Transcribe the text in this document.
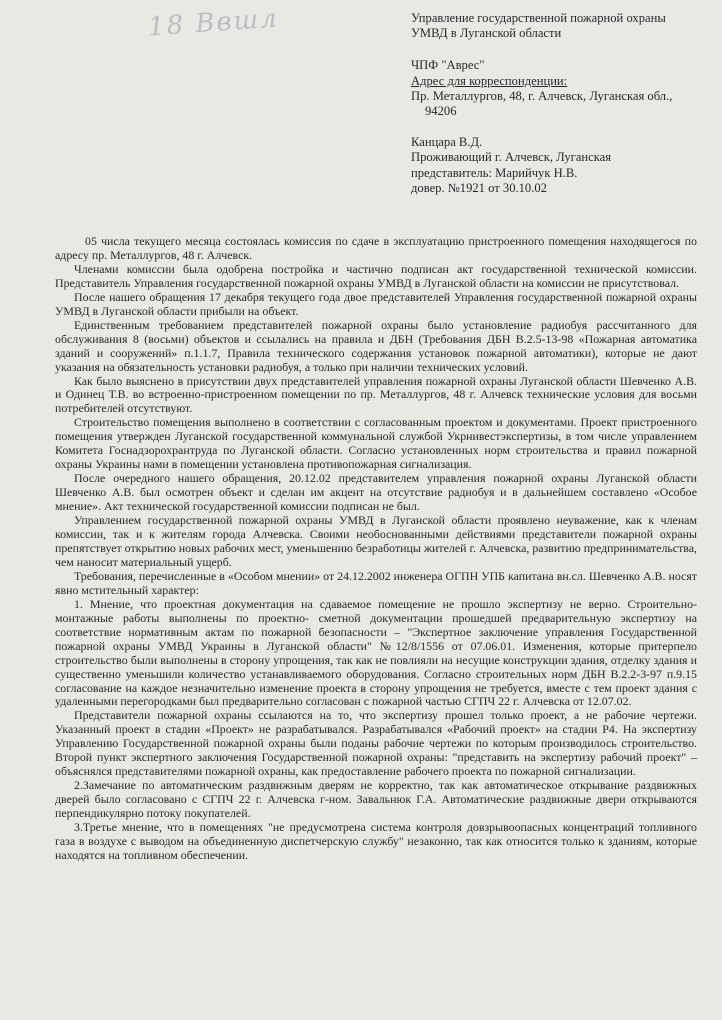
18 Ввшл	Управление государственной пожарной охраны
УМВД в Луганской области
ЧПФ "Аврес"
Адрес для корреспонденции:
Пр. Металлургов, 48, г. Алчевск, Луганская обл.,
94206
Канцара В.Д.
Проживающий г. Алчевск, Луганская
представитель: Марийчук Н.В.
довер. №1921 от 30.10.02

05 числа текущего месяца состоялась комиссия по сдаче в эксплуатацию пристроенного помещения находящегося по адресу пр. Металлургов, 48 г. Алчевск.

Членами комиссии была одобрена постройка и частично подписан акт государственной технической комиссии. Представитель Управления государственной пожарной охраны УМВД в Луганской области на комиссии не присутствовал.

После нашего обращения 17 декабря текущего года двое представителей Управления государственной пожарной охраны УМВД в Луганской области прибыли на объект.

Единственным требованием представителей пожарной охраны было установление радиобуя рассчитанного для обслуживания 8 (восьми) объектов и ссылались на правила и ДБН (Требования ДБН В.2.5-13-98 «Пожарная автоматика зданий и сооружений» п.1.1.7, Правила технического содержания установок пожарной автоматики), которые не дают указания на обязательность установки радиобуя, а только при наличии технических условий.

Как было выяснено в присутствии двух представителей управления пожарной охраны Луганской области Шевченко А.В. и Одинец Т.В. во встроенно-пристроенном помещении по пр. Металлургов, 48 г. Алчевск технические условия для восьми потребителей отсутствуют.

Строительство помещения выполнено в соответствии с согласованным проектом и документами. Проект пристроенного помещения утвержден Луганской государственной коммунальной службой Укрнивестэкспертизы, в том числе управлением Комитета Госнадзорохрантруда по Луганской области. Согласно установленных норм строительства и правил пожарной охраны Украины нами в помещении установлена противопожарная сигнализация.

После очередного нашего обращения, 20.12.02 представителем управления пожарной охраны Луганской области Шевченко А.В. был осмотрен объект и сделан им акцент на отсутствие радиобуя и в дальнейшем составлено «Особое мнение». Акт технической государственной комиссии подписан не был.

Управлением государственной пожарной охраны УМВД в Луганской области проявлено неуважение, как к членам комиссии, так и к жителям города Алчевска. Своими необоснованными действиями представители пожарной охраны препятствует открытию новых рабочих мест, уменьшению безработицы жителей г. Алчевска, развитию предпринимательства, чем наносит материальный ущерб.

Требования, перечисленные в «Особом мнении» от 24.12.2002 инженера ОГПН УПБ капитана вн.сл. Шевченко А.В. носят явно мстительный характер:

1. Мнение, что проектная документация на сдаваемое помещение не прошло экспертизу не верно. Строительно-монтажные работы выполнены по проектно- сметной документации прошедшей предварительную экспертизу на соответствие нормативным актам по пожарной безопасности – "Экспертное заключение управления Государственной пожарной охраны УМВД Украины в Луганской области" №12/8/1556 от 07.06.01. Изменения, которые притерпело строительство были выполнены в сторону упрощения, так как не повлияли на несущие конструкции здания, отделку здания и существенно уменьшили количество устанавливаемого оборудования. Согласно строительных норм ДБН В.2.2-3-97 п.9.15 согласование на каждое незначительно изменение проекта в сторону упрощения не требуется, вместе с тем проект здания с удаленными перегородками был предварительно согласован с пожарной частью СГПЧ 22 г. Алчевска от 12.07.02.

Представители пожарной охраны ссылаются на то, что экспертизу прошел только проект, а не рабочие чертежи. Указанный проект в стадии «Проект» не разрабатывался. Разрабатывался «Рабочий проект» на стадии Р4. На экспертизу Управлению Государственной пожарной охраны были поданы рабочие чертежи по которым производилось строительство. Второй пункт экспертного заключения Государственной пожарной охраны: "представить на экспертизу рабочий проект" – объяснялся представителями пожарной охраны, как предоставление рабочего проекта по пожарной сигнализации.

2.Замечание по автоматическим раздвижным дверям не корректно, так как автоматическое открывание раздвижных дверей было согласовано с СГПЧ 22 г. Алчевска г-ном. Завальнюк Г.А. Автоматические раздвижные двери открываются перпендикулярно потоку покупателей.

3.Третье мнение, что в помещениях "не предусмотрена система контроля довзрывоопасных концентраций топливного газа в воздухе с выводом на объединенную диспетчерскую службу" незаконно, так как относится только к зданиям, которые находятся на топливном обеспечении.
